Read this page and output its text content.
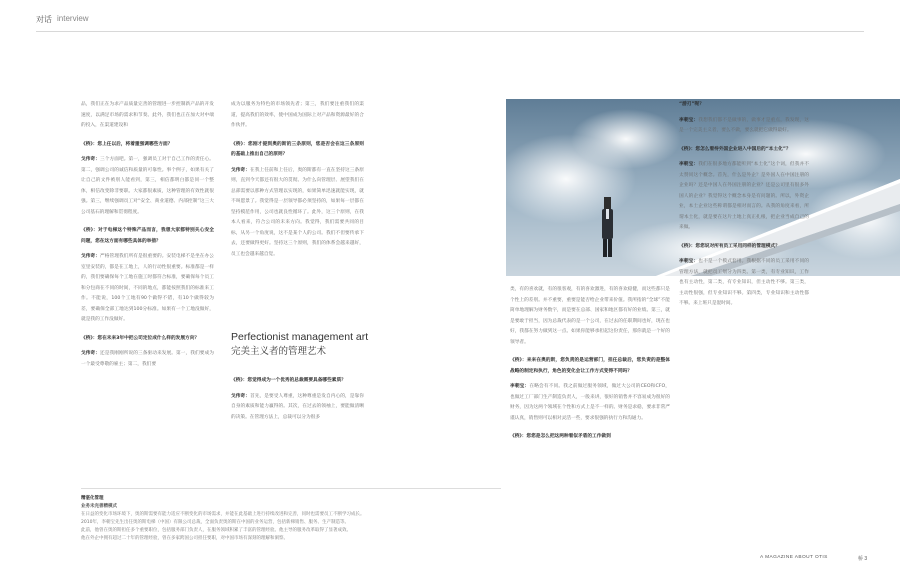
对话 interview

品，我们正在为求产品质量完善的管理进一步控制新产品的开发速度，以满足市场的需求和节奏。此外，我们也正在加大对中端的投入，在渠道建设和

《桥》：您上任以后，将着重强调哪些方面？

戈伟奇：三个方面吧。第一，强调员工对于自己工作的责任心。第二，强调公司的诚信和质量的可靠性。事个例子，如果有关了让自己的文件被别人能看到，第三，相信都明白都是同一个整体，相信改变除非要职。大家都很素质，这种管理的有效性就很强。第三，继续强调员工对“安全、商业道德、内部控制”这三大公司基石的理解和贯彻程度。

《桥》：对于电梯这个特殊产品而言，我想大家都特别关心安全问题，您在这方面有哪些具体的举措？

戈伟奇：严格管理我们所有是很重要的。安装电梯不是坐在办公室里安装的，都是在工地上，人的行动性很重要。标准都是一样的，我们要确保每个工地在施工时都符合标准，要确保每个员工和分包商在不同的时间，不同的地点，都能按照我们的标准来工作。不能说，100个工地有90个做得不错，有10个做得较为差，要确保全部工地达到100分标准。如果有一个工地没做好，就是我的工作没做好。

《桥》：您在未来3年中把公司定位成什么样的发展方向？

戈伟奇：还是我刚刚所说的三条驱动来发展。第一，我们要成为一个最受尊敬的雇主；第二，我们要

成为以服务为特色的市场领先者；第三，我们要注重我们的渠道，提高我们的效率，使中国成为国际上对产品和资源最好的合作伙伴。

《桥》：您刚才提到奥的斯的三条原则，您是否会在这三条原则的基础上推出自己的原则？

戈伟奇：在我上任前和上任后，奥的斯都有一直在坚持这三条原则，直到今天都还有很大的贯彻。为什么向管理层、展望我们在总部需要以那种方式管理以实现的，如果简单迅速就能实现，就不叫愿景了。我觉得是一层领导都必须坚持的，如果每一层都在坚持模范作用，公司也就良性循环了。此外，这三个原则，在我本人看来，符合公司的未来方向。我觉得，我们需要共同的目标，从另一个角度说，这不是某个人的公司。我们不但要传承下去，还要做得更好。坚持这三个原则，我们的体系会越来越好，员工也会越来越自觉。

Perfectionist management art

完美主义者的管理艺术

《桥》：您觉得成为一个优秀的总裁需要具备哪些素质？

戈伟奇：首先，是要受人尊重，这种尊重是发自内心的，是靠你自身的素质和能力赢得的。其次，在过去的领袖上，要能做清晰的决策。在管理方法上，总裁可以分为很多

类，有的喜欢就，有的很客观，有的喜欢激进，有的喜欢稳健，而这些都只是个性上的差别。并不重要，重要是能否给企业带来价值。我所指的“全球”不能简单地理解为财务数字，而是要在总部、国家和地区都有好的业绩。第三，就是要敢于担当，因为总裁代表的是一个公司，在过去的任职期间也好，现在也好，我都在努力做到这一点。如果你能够承担起这份责任，那你就是一个好的领导者。

《桥》：来来在奥的斯，您负责的是运营部门，担任总裁后，您负责的是整体战略的制定和执行，角色的变化会让工作方式变得不同吗？

李朝宝：在略会有不同。我之前做过服务领域，做过大公司的CEO和CFO，也做过工厂部门生产制造负责人，一般来讲，很好的销售并不容易成为很好的财务，因为这两个领域在个性和方式上是不一样的。财务是求稳，要求非常严谨认真，销售则可以相对灵活一些，要求很强的执行力和沟通力。

《桥》：您您是怎么把这两种看似矛盾的工作做到

“游刃”呢？

李朝宝：我想我们都不是做事的，做事才是重点，我发现，这是一个完美主义者，要么不做，要么就把它做得最好。

《桥》：您怎么看待外国企业进入中国后的“本土化”？

李朝宝：我们在很多地方都能听到“本土化”这个词，但我并不太赞同这个概念。首先，什么是外企？是外国人在中国注册的企业吗？还是中国人在外国注册的企业？还是公司里有很多外国人的企业？我觉得这个概念本身是有问题的。所以，外资企业，本土企业这些称谓都是相对而言的。从我的角度来看，所谓本土化，就是要在这片土地上真正扎根，把企业当成自己的来做。

《桥》：您您说对所有员工采用同样的管理模式？

李朝宝：也不是一个模式套用。我根据不同的员工采用不同的管理方法，就把员工划分为四类。第一类，有专业知识，工作也有主动性，第二类，有专业知识，但主动性不够。第三类，主动性很强，但专业知识不够。第四类，专业知识和主动性都不够。来上班只是混时间。

精湛化管理
业务未完善精模式
在日益的变化市场环境下，奥的斯需要有能力适应不断变化的市场需求，并能在此基础上进行持续改进和完善，同时也需要员工不断学习成长。
2010年，李朝宝先生出任奥的斯电梯（中国）有限公司总裁，全面负责奥的斯在中国的业务运营，包括新梯销售、服务、生产制造等。
此前，他曾在奥的斯担任多个重要职位，包括服务部门负责人，在服务领域积累了丰富的管理经验。他主导的服务改革取得了显著成效。
他在外企中拥有超过二十年的管理经验，曾在多家跨国公司担任要职，对中国市场有深刻的理解和洞察。
A MAGAZINE ABOUT OTIS	桥 3
